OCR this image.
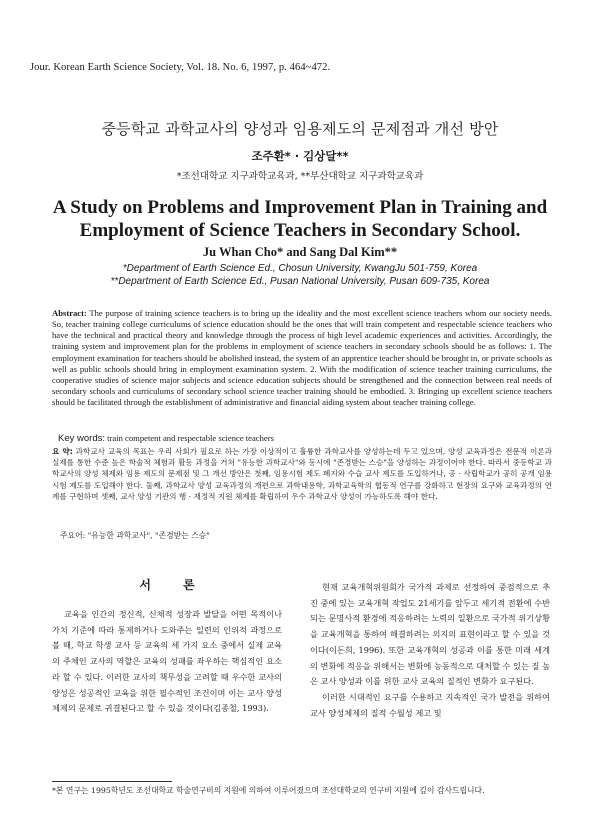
Jour. Korean Earth Science Society, Vol. 18. No. 6, 1997, p. 464~472.
중등학교 과학교사의 양성과 임용제도의 문제점과 개선 방안
조주환* · 김상달**
*조선대학교 지구과학교육과, **부산대학교 지구과학교육과
A Study on Problems and Improvement Plan in Training and Employment of Science Teachers in Secondary School.
Ju Whan Cho* and Sang Dal Kim**
*Department of Earth Science Ed., Chosun University, KwangJu 501-759, Korea
**Department of Earth Science Ed., Pusan National University, Pusan 609-735, Korea
Abstract: The purpose of training science teachers is to bring up the ideality and the most excellent science teachers whom our society needs. So, teacher training college curriculums of science education should be the ones that will train competent and respectable science teachers who have the technical and practical theory and knowledge through the process of high level academic experiences and activities. Accordingly, the training system and improvement plan for the problems in employment of science teachers in secondary schools should be as follows: 1. The employment examination for teachers should be abolished instead, the system of an apprentice teacher should be brought in, or private schools as well as public schools should bring in employment examination system. 2. With the modification of science teacher training curriculums, the cooperative studies of science major subjects and science education subjects should be strengthened and the connection between real needs of secondary schools and curriculums of secondary school science teacher training should be embodied. 3. Bringing up excellent science teachers should be facilitated through the establishment of administrative and financial aiding system about teacher training college.
Key words: train competent and respectable science teachers
요 약: 과학교사 교육의 목표는 우리 사회가 필요로 하는 가장 이상적이고 훌륭한 과학교사를 양성하는데 두고 있으며, 양성 교육과정은 전문적 이론과 실제를 통한 수준 높은 학술적 체험과 활동 과정을 거쳐 "유능한 과학교사"와 동시에 "존경받는 스승"을 양성하는 과정이어야 한다. 따라서 중등학교 과학교사의 양성 체제와 임용 제도의 문제점 및 그 개선 방안은 첫째, 임용시험 제도 폐지와 수습 교사 제도를 도입하거나, 공 · 사립학교가 공히 공개 임용시험 제도를 도입해야 한다. 둘째, 과학교사 양성 교육과정의 개편으로 과학내용학, 과학교육학의 협동적 연구를 강화하고 현장의 요구와 교육과정의 연계를 구현하며 셋째, 교사 양성 기관의 행 · 재정적 지원 체제를 확립하여 우수 과학교사 양성이 가능하도록 해야 한다.
주요어: "유능한 과학교사", "존경받는 스승"
서 론

교육을 인간의 정신적, 신체적 성장과 발달을 어떤 목적이나 가치 기준에 따라 통제하거나 도와주는 일련의 인위적 과정으로 볼 때, 학교 학생 교사 등 교육의 세 가지 요소 중에서 실제 교육의 주체인 교사의 역할은 교육의 성패를 좌우하는 핵심적인 요소라 할 수 있다. 이러한 교사의 책무성을 고려할 때 우수한 교사의 양성은 성공적인 교육을 위한 필수적인 조건이며 이는 교사 양성체제의 문제로 귀결된다고 할 수 있을 것이다(김종철, 1993).

현재 교육개혁위원회가 국가적 과제로 선정하여 중점적으로 추진 중에 있는 교육개혁 작업도 21세기를 앞두고 세기적 전환에 수반되는 문명사적 환경에 적응하려는 노력의 일환으로 국가적 위기상황을 교육개혁을 통하여 해결하려는 의지의 표현이라고 할 수 있을 것이다(이돈희, 1996). 또한 교육개혁의 성공과 이를 통한 미래 세계의 변화에 적응을 위해서는 변화에 능동적으로 대처할 수 있는 질 높은 교사 양성과 이를 위한 교사 교육의 질적인 변화가 요구된다.

이러한 시대적인 요구를 수용하고 지속적인 국가 발전을 위하여 교사 양성체제의 질적 수월성 제고 및

*본 연구는 1995학년도 조선대학교 학술연구비의 지원에 의하여 이루어졌으며 조선대학교의 연구비 지원에 깊이 감사드립니다.
